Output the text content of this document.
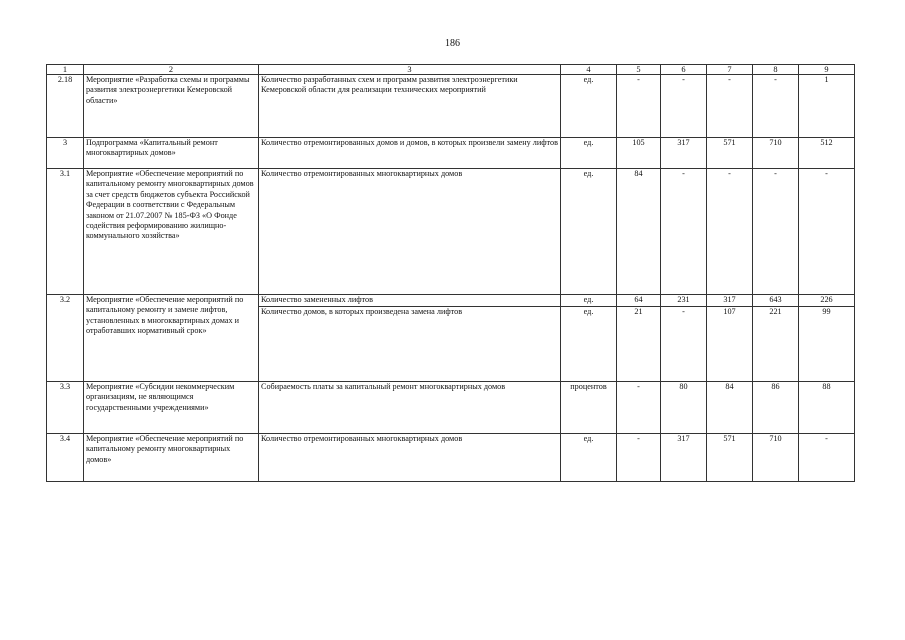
186
1	2	3	4	5	6	7	8	9
2.18	Мероприятие «Разработка схемы и программы развития электроэнергетики Кемеровской области»	Количество разработанных схем и программ развития электроэнергетики Кемеровской области для реализации технических мероприятий	ед.	-	-	-	-	1
3	Подпрограмма «Капитальный ремонт многоквартирных домов»	Количество отремонтированных домов и домов, в которых произвели замену лифтов	ед.	105	317	571	710	512
3.1	Мероприятие «Обеспечение мероприятий по капитальному ремонту многоквартирных домов за счет средств бюджетов субъекта Российской Федерации в соответствии с Федеральным законом от 21.07.2007 № 185-ФЗ «О Фонде содействия реформированию жилищно-коммунального хозяйства»	Количество отремонтированных многоквартирных домов	ед.	84	-	-	-	-
3.2	Мероприятие «Обеспечение мероприятий по капитальному ремонту и замене лифтов, установленных в многоквартирных домах и отработавших нормативный срок»	Количество замененных лифтов	ед.	64	231	317	643	226
		Количество домов, в которых произведена замена лифтов	ед.	21	-	107	221	99
3.3	Мероприятие «Субсидии некоммерческим организациям, не являющимся государственными учреждениями»	Собираемость платы за капитальный ремонт многоквартирных домов	процентов	-	80	84	86	88
3.4	Мероприятие «Обеспечение мероприятий по капитальному ремонту многоквартирных домов»	Количество отремонтированных многоквартирных домов	ед.	-	317	571	710	-
